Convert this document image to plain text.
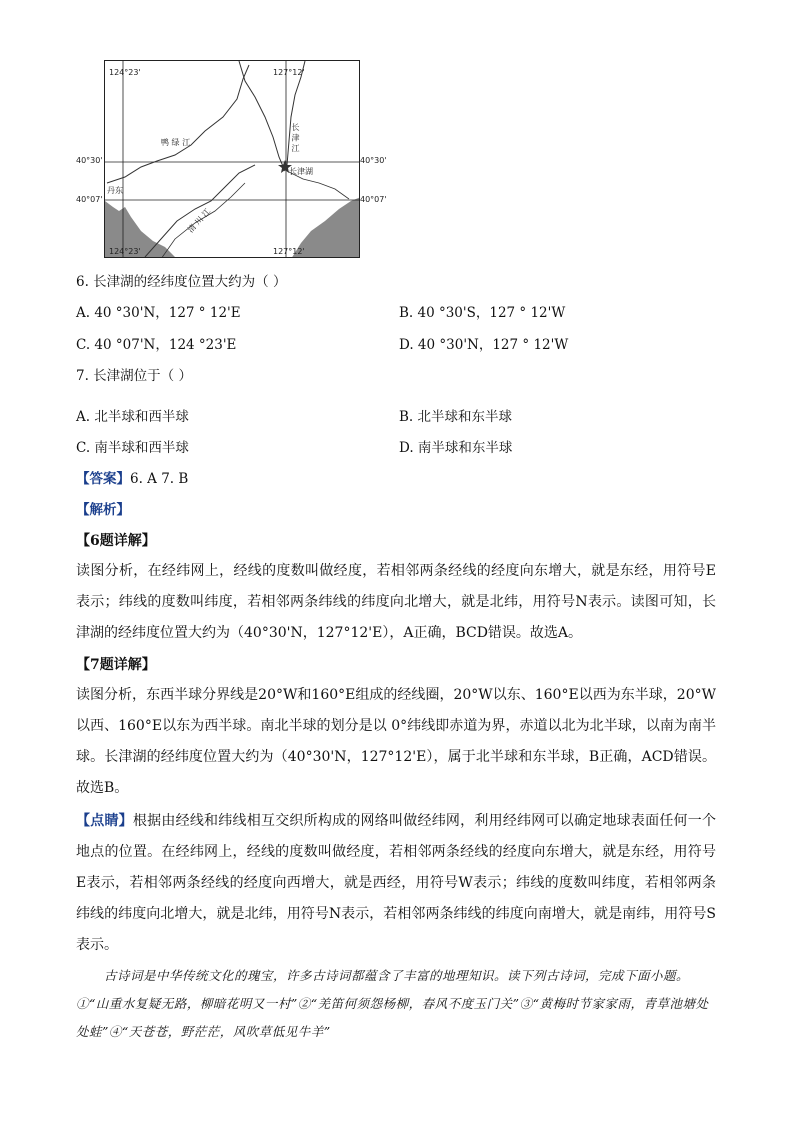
124°23'	127°12'
124°23'	127°12'
鸭 绿 江	长 津 江
长津湖
丹东
清 川 江
40°30'	40°30'
40°07'	40°07'
6. 长津湖的经纬度位置大约为（ ）
A. 40 °30'N，127 ° 12'E	B. 40 °30'S，127 ° 12'W
C. 40 °07'N，124 °23'E	D. 40 °30'N，127 ° 12'W
7. 长津湖位于（ ）
A. 北半球和西半球	B. 北半球和东半球
C. 南半球和西半球	D. 南半球和东半球
【答案】6. A 7. B
【解析】
【6题详解】
读图分析，在经纬网上，经线的度数叫做经度，若相邻两条经线的经度向东增大，就是东经，用符号E表示；纬线的度数叫纬度，若相邻两条纬线的纬度向北增大，就是北纬，用符号N表示。读图可知，长津湖的经纬度位置大约为（40°30'N，127°12'E），A正确，BCD错误。故选A。
【7题详解】
读图分析，东西半球分界线是20°W和160°E组成的经线圈，20°W以东、160°E以西为东半球，20°W以西、160°E以东为西半球。南北半球的划分是以 0°纬线即赤道为界，赤道以北为北半球，以南为南半球。长津湖的经纬度位置大约为（40°30'N，127°12'E），属于北半球和东半球，B正确，ACD错误。故选B。
【点睛】根据由经线和纬线相互交织所构成的网络叫做经纬网，利用经纬网可以确定地球表面任何一个地点的位置。在经纬网上，经线的度数叫做经度，若相邻两条经线的经度向东增大，就是东经，用符号E表示，若相邻两条经线的经度向西增大，就是西经，用符号W表示；纬线的度数叫纬度，若相邻两条纬线的纬度向北增大，就是北纬，用符号N表示，若相邻两条纬线的纬度向南增大，就是南纬，用符号S表示。
古诗词是中华传统文化的瑰宝，许多古诗词都蕴含了丰富的地理知识。读下列古诗词，完成下面小题。①“山重水复疑无路，柳暗花明又一村”②“羌笛何须怨杨柳，春风不度玉门关”③“黄梅时节家家雨，青草池塘处处蛙”④“天苍苍，野茫茫，风吹草低见牛羊”
